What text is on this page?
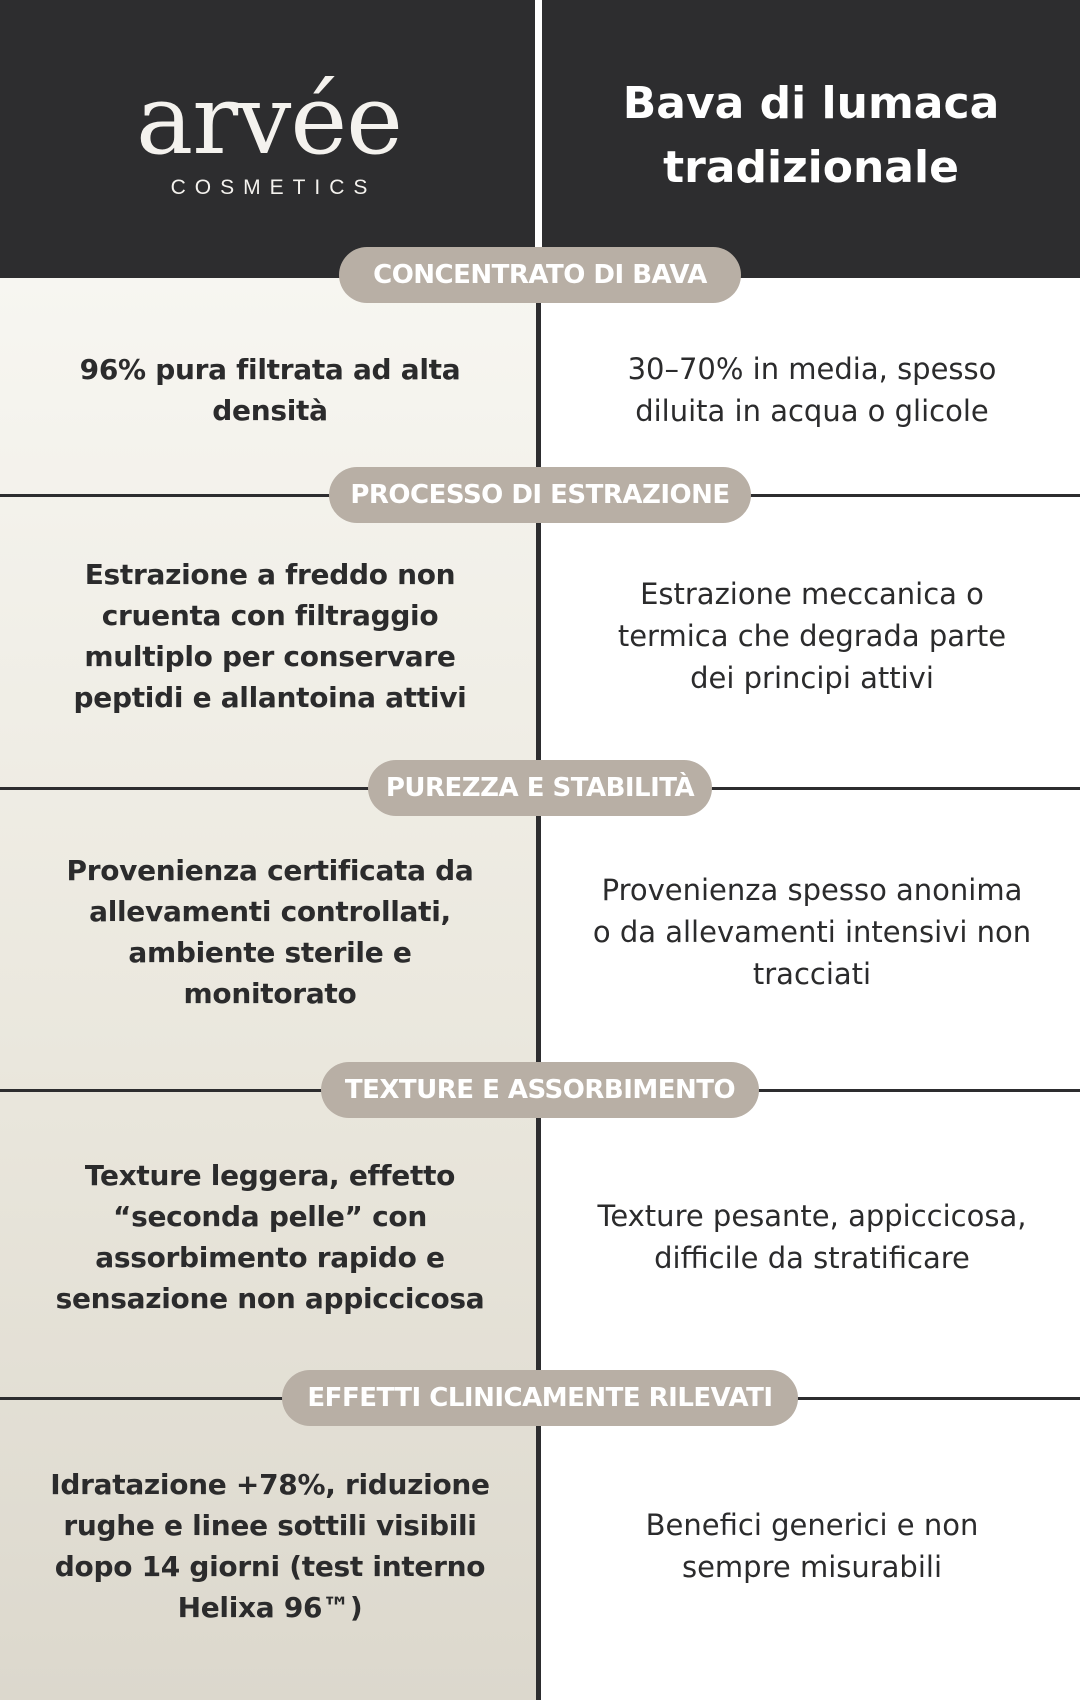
arvée
COSMETICS
Bava di lumaca tradizionale
CONCENTRATO DI BAVA
96% pura filtrata ad alta densità
30–70% in media, spesso diluita in acqua o glicole
PROCESSO DI ESTRAZIONE
Estrazione a freddo non cruenta con filtraggio multiplo per conservare peptidi e allantoina attivi
Estrazione meccanica o termica che degrada parte dei principi attivi
PUREZZA E STABILITÀ
Provenienza certificata da allevamenti controllati, ambiente sterile e monitorato
Provenienza spesso anonima o da allevamenti intensivi non tracciati
TEXTURE E ASSORBIMENTO
Texture leggera, effetto “seconda pelle” con assorbimento rapido e sensazione non appiccicosa
Texture pesante, appiccicosa, difficile da stratificare
EFFETTI CLINICAMENTE RILEVATI
Idratazione +78%, riduzione rughe e linee sottili visibili dopo 14 giorni (test interno Helixa 96™)
Benefici generici e non sempre misurabili
